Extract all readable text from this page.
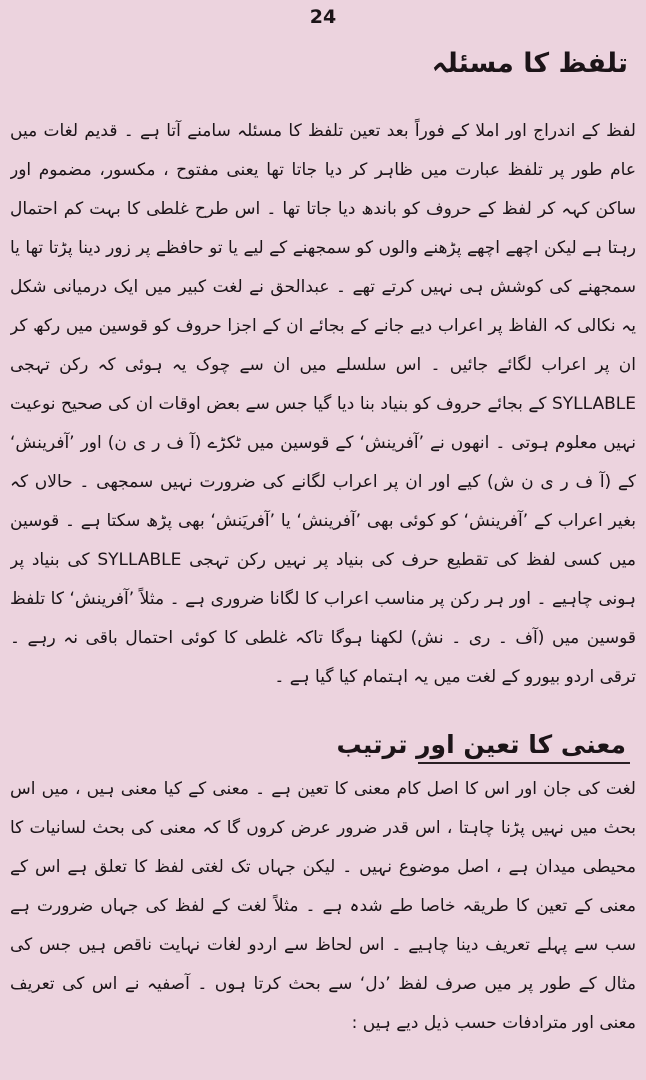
24
تلفظ کا مسئلہ
لفظ کے اندراج اور املا کے فوراً بعد تعین تلفظ کا مسئلہ سامنے آتا ہے ۔ قدیم لغات میں عام طور پر تلفظ عبارت میں ظاہر کر دیا جاتا تھا یعنی مفتوح ، مکسور، مضموم اور ساکن کہہ کر لفظ کے حروف کو باندھ دیا جاتا تھا ۔ اس طرح غلطی کا بہت کم احتمال رہتا ہے لیکن اچھے اچھے پڑھنے والوں کو سمجھنے کے لیے یا تو حافظے پر زور دینا پڑتا تھا یا سمجھنے کی کوشش ہی نہیں کرتے تھے ۔ عبدالحق نے لغت کبیر میں ایک درمیانی شکل یہ نکالی کہ الفاظ پر اعراب دیے جانے کے بجائے ان کے اجزا حروف کو قوسین میں رکھ کر ان پر اعراب لگائے جائیں ۔ اس سلسلے میں ان سے چوک یہ ہوئی کہ رکن تہجی SYLLABLE کے بجائے حروف کو بنیاد بنا دیا گیا جس سے بعض اوقات ان کی صحیح نوعیت نہیں معلوم ہوتی ۔ انھوں نے ’آفرینش‘ کے قوسین میں ٹکڑے (آ ف ر ی ن) اور ’آفرینش‘ کے (آ ف ر ی ن ش) کیے اور ان پر اعراب لگانے کی ضرورت نہیں سمجھی ۔ حالاں کہ بغیر اعراب کے ’آفرینش‘ کو کوئی بھی ’آفرینش‘ یا ’آفریَنش‘ بھی پڑھ سکتا ہے ۔ قوسین میں کسی لفظ کی تقطیع حرف کی بنیاد پر نہیں رکن تہجی SYLLABLE کی بنیاد پر ہونی چاہیے ۔ اور ہر رکن پر مناسب اعراب کا لگانا ضروری ہے ۔ مثلاً ’آفرینش‘ کا تلفظ قوسین میں (آف ۔ ری ۔ نش) لکھنا ہوگا تاکہ غلطی کا کوئی احتمال باقی نہ رہے ۔ ترقی اردو بیورو کے لغت میں یہ اہتمام کیا گیا ہے ۔
معنی کا تعین اور ترتیب
لغت کی جان اور اس کا اصل کام معنی کا تعین ہے ۔ معنی کے کیا معنی ہیں ، میں اس بحث میں نہیں پڑنا چاہتا ، اس قدر ضرور عرض کروں گا کہ معنی کی بحث لسانیات کا محیطی میدان ہے ، اصل موضوع نہیں ۔ لیکن جہاں تک لغتی لفظ کا تعلق ہے اس کے معنی کے تعین کا طریقہ خاصا طے شدہ ہے ۔ مثلاً لغت کے لفظ کی جہاں ضرورت ہے سب سے پہلے تعریف دینا چاہیے ۔ اس لحاظ سے اردو لغات نہایت ناقص ہیں جس کی مثال کے طور پر میں صرف لفظ ’دل‘ سے بحث کرتا ہوں ۔ آصفیہ نے اس کی تعریف معنی اور مترادفات حسب ذیل دیے ہیں :
